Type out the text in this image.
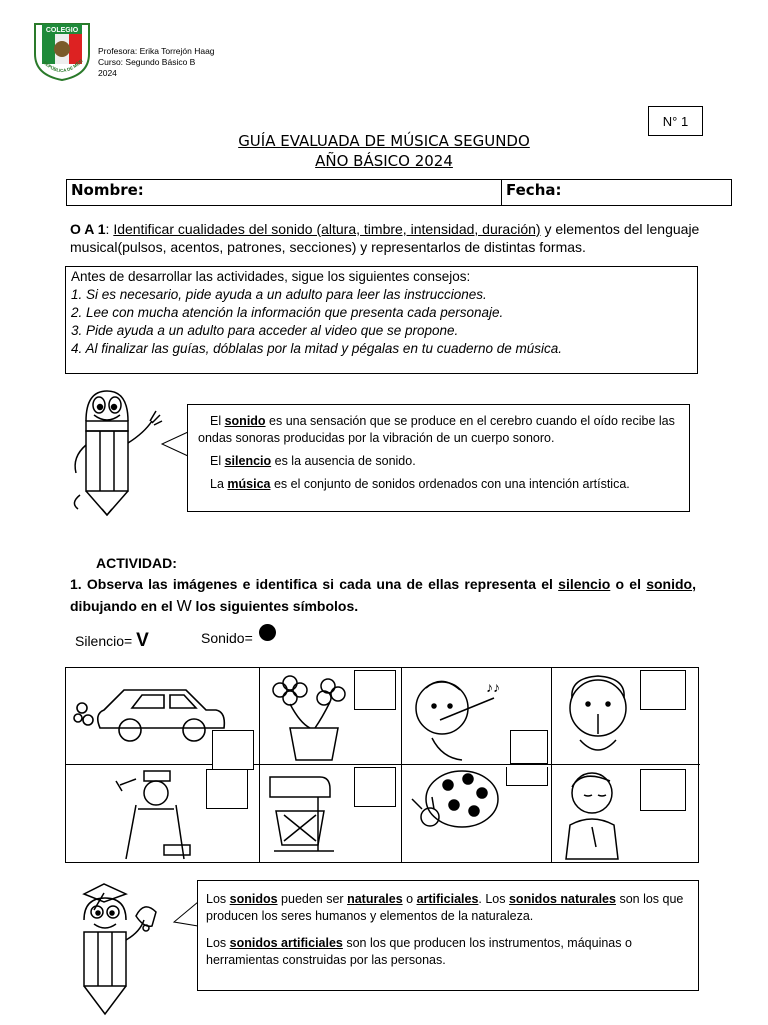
COLEGIO
REPÚBLICA DE MÉXI
Profesora: Erika Torrejón Haag
Curso: Segundo Básico B
2024
N° 1
GUÍA EVALUADA DE MÚSICA SEGUNDO
AÑO BÁSICO 2024
Nombre:	Fecha:
O A 1: Identificar cualidades del sonido (altura, timbre, intensidad, duración) y elementos del lenguaje musical(pulsos, acentos, patrones, secciones) y representarlos de distintas formas.
Antes de desarrollar las actividades, sigue los siguientes consejos:
1. Si es necesario, pide ayuda a un adulto para leer las instrucciones.
2. Lee con mucha atención la información que presenta cada personaje.
3. Pide ayuda a un adulto para acceder al video que se propone.
4. Al finalizar las guías, dóblalas por la mitad y pégalas en tu cuaderno de música.

El sonido es una sensación que se produce en el cerebro cuando el oído recibe las ondas sonoras producidas por la vibración de un cuerpo sonoro.

El silencio es la ausencia de sonido.

La música es el conjunto de sonidos ordenados con una intención artística.

ACTIVIDAD:
1. Observa las imágenes e identifica si cada una de ellas representa el silencio o el sonido, dibujando en el W los siguientes símbolos.
Silencio= V	Sonido=
♪♪

Los sonidos pueden ser naturales o artificiales. Los sonidos naturales son los que producen los seres humanos y elementos de la naturaleza.

Los sonidos artificiales son los que producen los instrumentos, máquinas o herramientas construidas por las personas.
